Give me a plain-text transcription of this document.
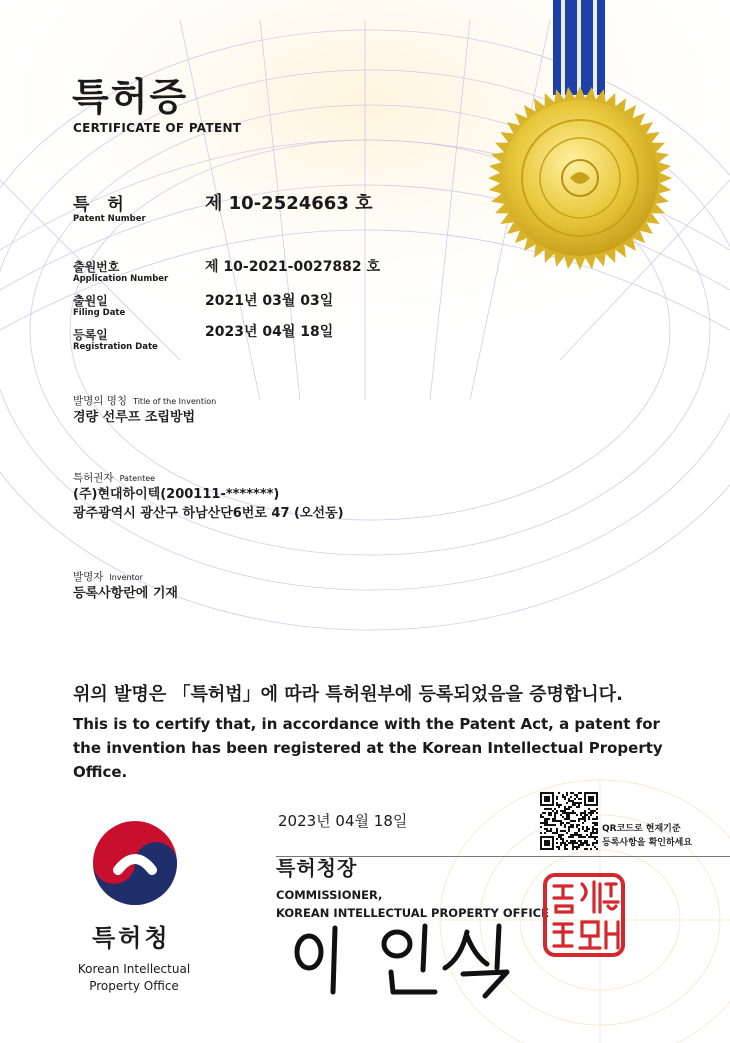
특허증
CERTIFICATE OF PATENT
특 허
Patent Number
제 10-2524663 호
출원번호
Application Number
제 10-2021-0027882 호
출원일
Filing Date
2021년 03월 03일
등록일
Registration Date
2023년 04월 18일
발명의 명칭 Title of the Invention
경량 선루프 조립방법
특허권자 Patentee
(주)현대하이텍(200111-*******)
광주광역시 광산구 하남산단6번로 47 (오선동)
발명자 Inventor
등록사항란에 기재
위의 발명은 「특허법」에 따라 특허원부에 등록되었음을 증명합니다.
This is to certify that, in accordance with the Patent Act, a patent for the invention has been registered at the Korean Intellectual Property Office.
2023년 04월 18일
특허청장
COMMISSIONER,
KOREAN INTELLECTUAL PROPERTY OFFICE
특허청
Korean Intellectual Property Office
QR코드로 현재기준
등록사항을 확인하세요
